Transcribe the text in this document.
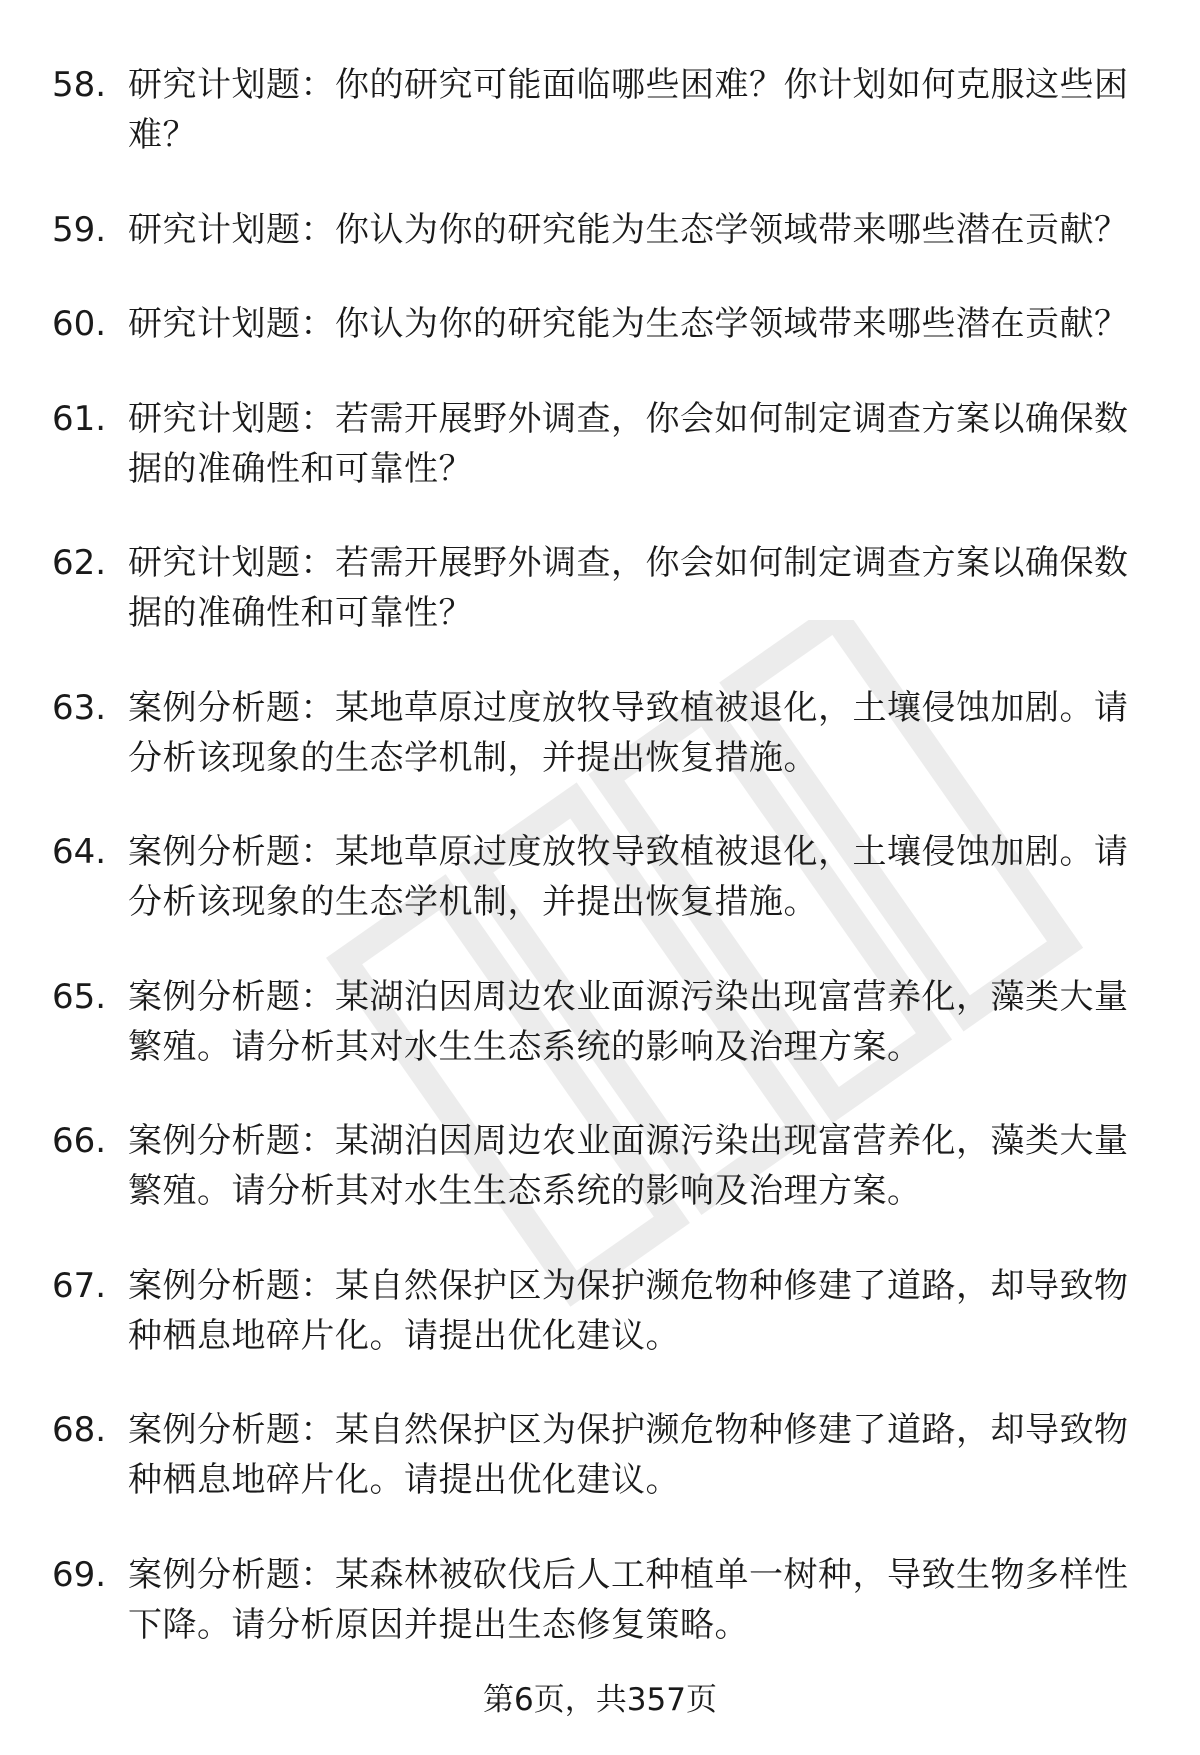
58. 研究计划题：你的研究可能面临哪些困难？你计划如何克服这些困难？
59. 研究计划题：你认为你的研究能为生态学领域带来哪些潜在贡献？
60. 研究计划题：你认为你的研究能为生态学领域带来哪些潜在贡献？
61. 研究计划题：若需开展野外调查，你会如何制定调查方案以确保数据的准确性和可靠性？
62. 研究计划题：若需开展野外调查，你会如何制定调查方案以确保数据的准确性和可靠性？
63. 案例分析题：某地草原过度放牧导致植被退化，土壤侵蚀加剧。请分析该现象的生态学机制，并提出恢复措施。
64. 案例分析题：某地草原过度放牧导致植被退化，土壤侵蚀加剧。请分析该现象的生态学机制，并提出恢复措施。
65. 案例分析题：某湖泊因周边农业面源污染出现富营养化，藻类大量繁殖。请分析其对水生生态系统的影响及治理方案。
66. 案例分析题：某湖泊因周边农业面源污染出现富营养化，藻类大量繁殖。请分析其对水生生态系统的影响及治理方案。
67. 案例分析题：某自然保护区为保护濒危物种修建了道路，却导致物种栖息地碎片化。请提出优化建议。
68. 案例分析题：某自然保护区为保护濒危物种修建了道路，却导致物种栖息地碎片化。请提出优化建议。
69. 案例分析题：某森林被砍伐后人工种植单一树种，导致生物多样性下降。请分析原因并提出生态修复策略。
第6页，共357页
